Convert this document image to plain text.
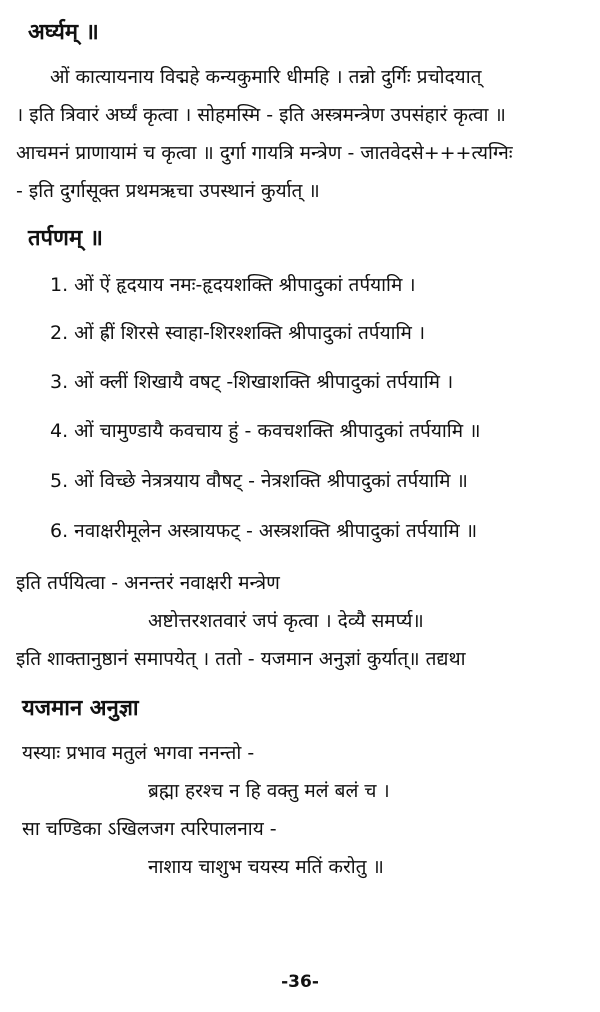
अर्घ्यम् ॥
ओं कात्यायनाय विद्महे कन्यकुमारि धीमहि । तन्नो दुर्गिः प्रचोदयात्
। इति त्रिवारं अर्घ्यं कृत्वा । सोहमस्मि - इति अस्त्रमन्त्रेण उपसंहारं कृत्वा ॥
आचमनं प्राणायामं च कृत्वा ॥ दुर्गा गायत्रि मन्त्रेण - जातवेदसे+++त्यग्निः
- इति दुर्गासूक्त प्रथमऋचा उपस्थानं कुर्यात् ॥
तर्पणम् ॥
1. ओं ऐं हृदयाय नमः-हृदयशक्ति श्रीपादुकां तर्पयामि ।
2. ओं ह्रीं शिरसे स्वाहा-शिरश्शक्ति श्रीपादुकां तर्पयामि ।
3. ओं क्लीं शिखायै वषट् -शिखाशक्ति श्रीपादुकां तर्पयामि ।
4. ओं चामुण्डायै कवचाय हुं - कवचशक्ति श्रीपादुकां तर्पयामि ॥
5. ओं विच्छे नेत्रत्रयाय वौषट् - नेत्रशक्ति श्रीपादुकां तर्पयामि ॥
6. नवाक्षरीमूलेन अस्त्रायफट् - अस्त्रशक्ति श्रीपादुकां तर्पयामि ॥
इति तर्पयित्वा - अनन्तरं नवाक्षरी मन्त्रेण
अष्टोत्तरशतवारं जपं कृत्वा । देव्यै समर्प्य॥
इति शाक्तानुष्ठानं समापयेत् । ततो - यजमान अनुज्ञां कुर्यात्॥ तद्यथा
यजमान अनुज्ञा
यस्याः प्रभाव मतुलं भगवा ननन्तो -
ब्रह्मा हरश्च न हि वक्तु मलं बलं च ।
सा चण्डिका ऽखिलजग त्परिपालनाय -
नाशाय चाशुभ चयस्य मतिं करोतु ॥
-36-
